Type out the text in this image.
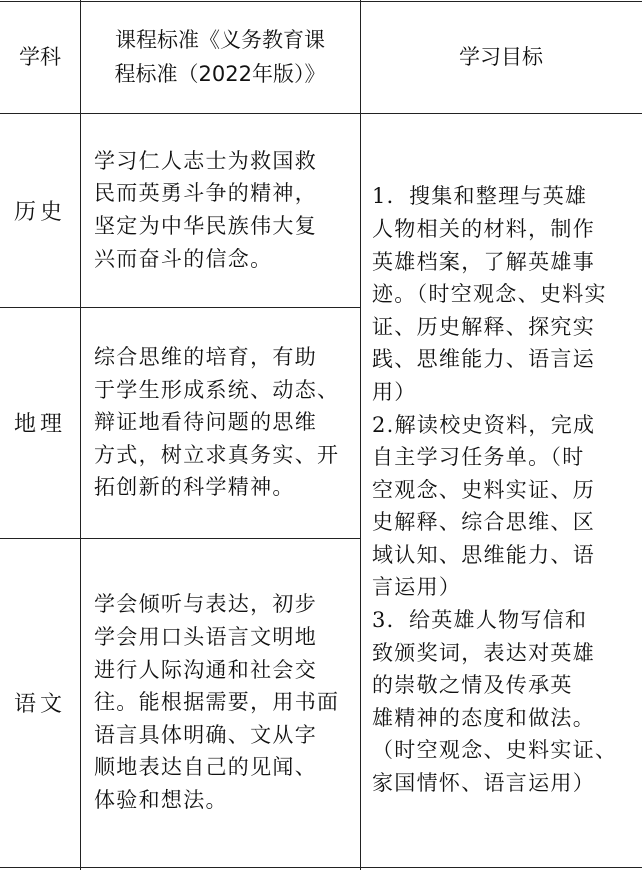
学科
课程标准《义务教育课
程标准（2022年版）》
学习目标
历史
学习仁人志士为救国救
民而英勇斗争的精神，
坚定为中华民族伟大复
兴而奋斗的信念。
地理
综合思维的培育，有助
于学生形成系统、动态、
辩证地看待问题的思维
方式，树立求真务实、开
拓创新的科学精神。
语文
学会倾听与表达，初步
学会用口头语言文明地
进行人际沟通和社会交
往。能根据需要，用书面
语言具体明确、文从字
顺地表达自己的见闻、
体验和想法。
1．搜集和整理与英雄
人物相关的材料，制作
英雄档案，了解英雄事
迹。（时空观念、史料实
证、历史解释、探究实
践、思维能力、语言运
用）
2.解读校史资料，完成
自主学习任务单。（时
空观念、史料实证、历
史解释、综合思维、区
域认知、思维能力、语
言运用）
3．给英雄人物写信和
致颁奖词，表达对英雄
的崇敬之情及传承英
雄精神的态度和做法。
（时空观念、史料实证、
家国情怀、语言运用）
